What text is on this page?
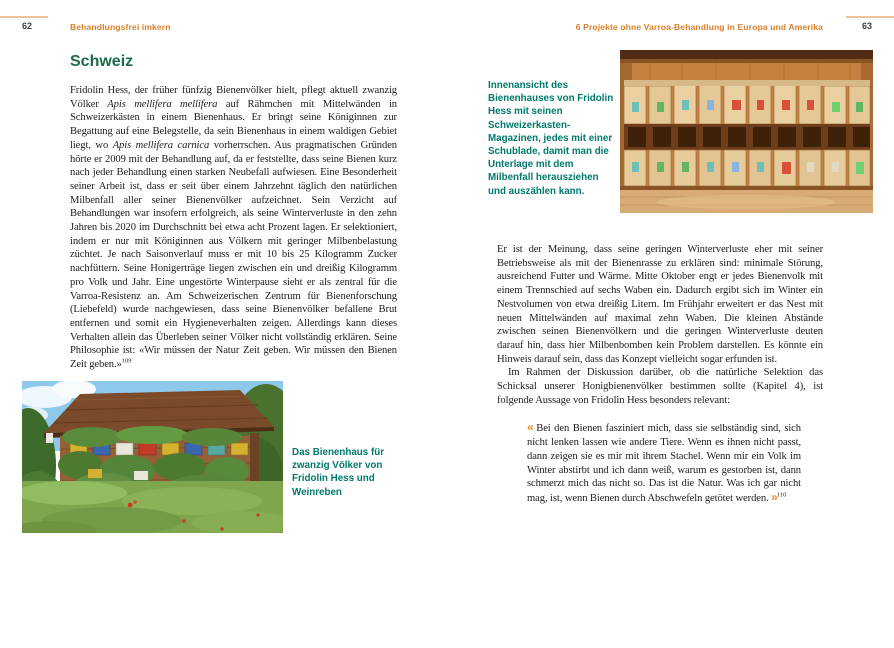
62	Behandlungsfrei imkern	6 Projekte ohne Varroa-Behandlung in Europa und Amerika	63
Schweiz
Fridolin Hess, der früher fünfzig Bienenvölker hielt, pflegt aktuell zwanzig Völker Apis mellifera mellifera auf Rähmchen mit Mittelwänden in Schweizerkästen in einem Bienenhaus. Er bringt seine Königinnen zur Begattung auf eine Belegstelle, da sein Bienenhaus in einem waldigen Gebiet liegt, wo Apis mellifera carnica vorherrschen. Aus pragmatischen Gründen hörte er 2009 mit der Behandlung auf, da er feststellte, dass seine Bienen kurz nach jeder Behandlung einen starken Neubefall aufwiesen. Eine Besonderheit seiner Arbeit ist, dass er seit über einem Jahrzehnt täglich den natürlichen Milbenfall aller seiner Bienenvölker aufzeichnet. Sein Verzicht auf Behandlungen war insofern erfolgreich, als seine Winterverluste in den zehn Jahren bis 2020 im Durchschnitt bei etwa acht Prozent lagen. Er selektioniert, indem er nur mit Königinnen aus Völkern mit geringer Milbenbelastung züchtet. Je nach Saisonverlauf muss er mit 10 bis 25 Kilogramm Zucker nachfüttern. Seine Honigerträge liegen zwischen ein und dreißig Kilogramm pro Volk und Jahr. Eine ungestörte Winterpause sieht er als zentral für die Varroa-Resistenz an. Am Schweizerischen Zentrum für Bienenforschung (Liebefeld) wurde nachgewiesen, dass seine Bienenvölker befallene Brut entfernen und somit ein Hygieneverhalten zeigen. Allerdings kann dieses Verhalten allein das Überleben seiner Völker nicht vollständig erklären. Seine Philosophie ist: «Wir müssen der Natur Zeit geben. Wir müssen den Bienen Zeit geben.»$^{109}$
Das Bienenhaus für zwanzig Völker von Fridolin Hess und Weinreben
Innenansicht des Bienenhauses von Fridolin Hess mit seinen Schweizerkasten-Magazinen, jedes mit einer Schublade, damit man die Unterlage mit dem Milbenfall herausziehen und auszählen kann.

Er ist der Meinung, dass seine geringen Winterverluste eher mit seiner Betriebsweise als mit der Bienenrasse zu erklären sind: minimale Störung, ausreichend Futter und Wärme. Mitte Oktober engt er jedes Bienenvolk mit einem Trennschied auf sechs Waben ein. Dadurch ergibt sich im Winter ein Nestvolumen von etwa dreißig Litern. Im Frühjahr erweitert er das Nest mit neuen Mittelwänden auf maximal zehn Waben. Die kleinen Abstände zwischen seinen Bienenvölkern und die geringen Winterverluste deuten darauf hin, dass hier Milbenbomben kein Problem darstellen. Es könnte ein Hinweis darauf sein, dass das Konzept vielleicht sogar erfunden ist.

Im Rahmen der Diskussion darüber, ob die natürliche Selektion das Schicksal unserer Honigbienenvölker bestimmen sollte (Kapitel 4), ist folgende Aussage von Fridolin Hess besonders relevant:

« Bei den Bienen fasziniert mich, dass sie selbständig sind, sich nicht lenken lassen wie andere Tiere. Wenn es ihnen nicht passt, dann zeigen sie es mir mit ihrem Stachel. Wenn mir ein Volk im Winter abstirbt und ich dann weiß, warum es gestorben ist, dann schmerzt mich das nicht so. Das ist die Natur. Was ich gar nicht mag, ist, wenn Bienen durch Abschwefeln getötet werden. »$^{110}$
